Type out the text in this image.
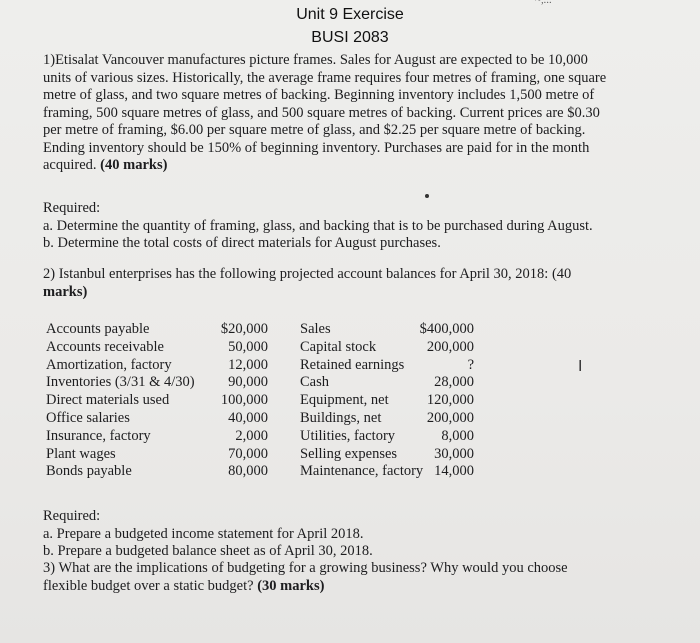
~,...
Unit 9 Exercise
BUSI 2083
1)Etisalat Vancouver manufactures picture frames. Sales for August are expected to be 10,000
units of various sizes. Historically, the average frame requires four metres of framing, one square
metre of glass, and two square metres of backing. Beginning inventory includes 1,500 metre of
framing, 500 square metres of glass, and 500 square metres of backing. Current prices are $0.30
per metre of framing, $6.00 per square metre of glass, and $2.25 per square metre of backing.
Ending inventory should be 150% of beginning inventory. Purchases are paid for in the month
acquired. (40 marks)
Required:
a. Determine the quantity of framing, glass, and backing that is to be purchased during August.
b. Determine the total costs of direct materials for August purchases.
2) Istanbul enterprises has the following projected account balances for April 30, 2018: (40
marks)
Accounts payable
Accounts receivable
Amortization, factory
Inventories (3/31 & 4/30)
Direct materials used
Office salaries
Insurance, factory
Plant wages
Bonds payable
$20,000
50,000
12,000
90,000
100,000
40,000
2,000
70,000
80,000
Sales
Capital stock
Retained earnings
Cash
Equipment, net
Buildings, net
Utilities, factory
Selling expenses
Maintenance, factory
$400,000
200,000
?
28,000
120,000
200,000
8,000
30,000
14,000
I
Required:
a. Prepare a budgeted income statement for April 2018.
b. Prepare a budgeted balance sheet as of April 30, 2018.
3) What are the implications of budgeting for a growing business? Why would you choose
flexible budget over a static budget? (30 marks)
